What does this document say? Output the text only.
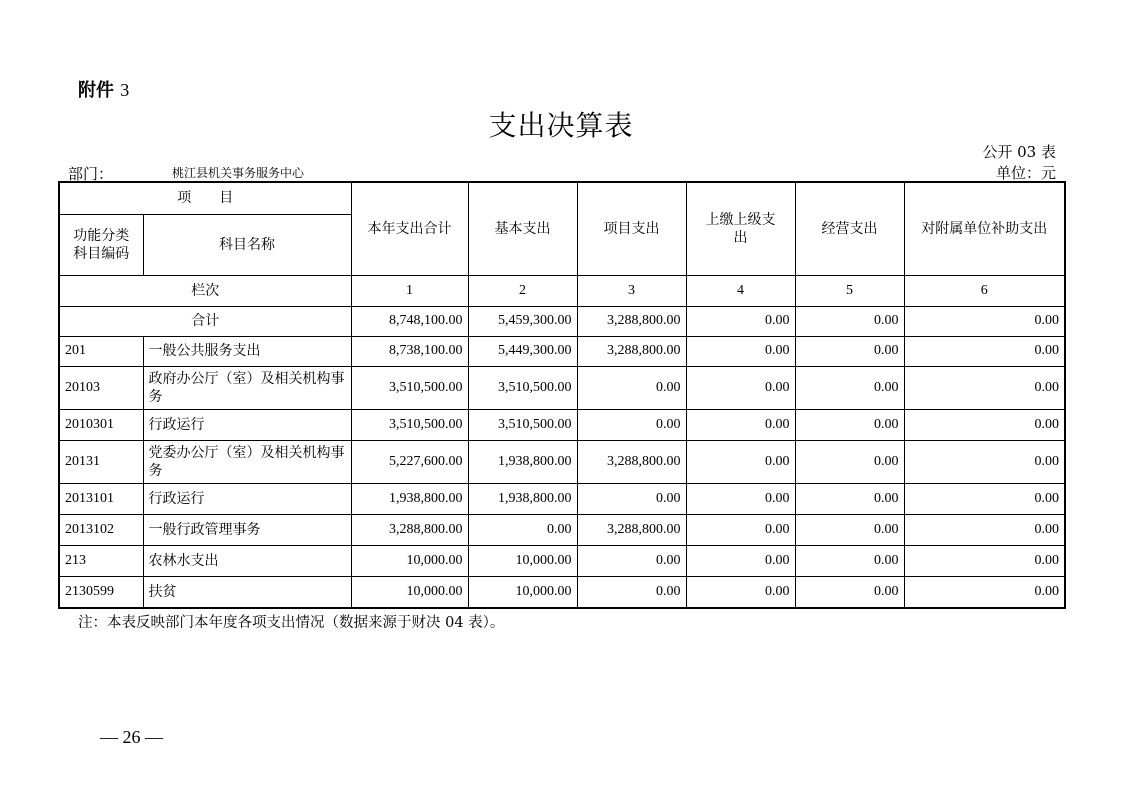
附件 3
支出决算表
公开 03 表
部门：	桃江县机关事务服务中心	单位：元
项　　目		本年支出合计	基本支出	项目支出	上缴上级支出	经营支出	对附属单位补助支出
功能分类科目编码	科目名称						
栏次		1	2	3	4	5	6
合计		8,748,100.00	5,459,300.00	3,288,800.00	0.00	0.00	0.00
201	一般公共服务支出	8,738,100.00	5,449,300.00	3,288,800.00	0.00	0.00	0.00
20103	政府办公厅（室）及相关机构事务	3,510,500.00	3,510,500.00	0.00	0.00	0.00	0.00
2010301	行政运行	3,510,500.00	3,510,500.00	0.00	0.00	0.00	0.00
20131	党委办公厅（室）及相关机构事务	5,227,600.00	1,938,800.00	3,288,800.00	0.00	0.00	0.00
2013101	行政运行	1,938,800.00	1,938,800.00	0.00	0.00	0.00	0.00
2013102	一般行政管理事务	3,288,800.00	0.00	3,288,800.00	0.00	0.00	0.00
213	农林水支出	10,000.00	10,000.00	0.00	0.00	0.00	0.00
2130599	扶贫	10,000.00	10,000.00	0.00	0.00	0.00	0.00
注：本表反映部门本年度各项支出情况（数据来源于财决 04 表）。
— 26 —
